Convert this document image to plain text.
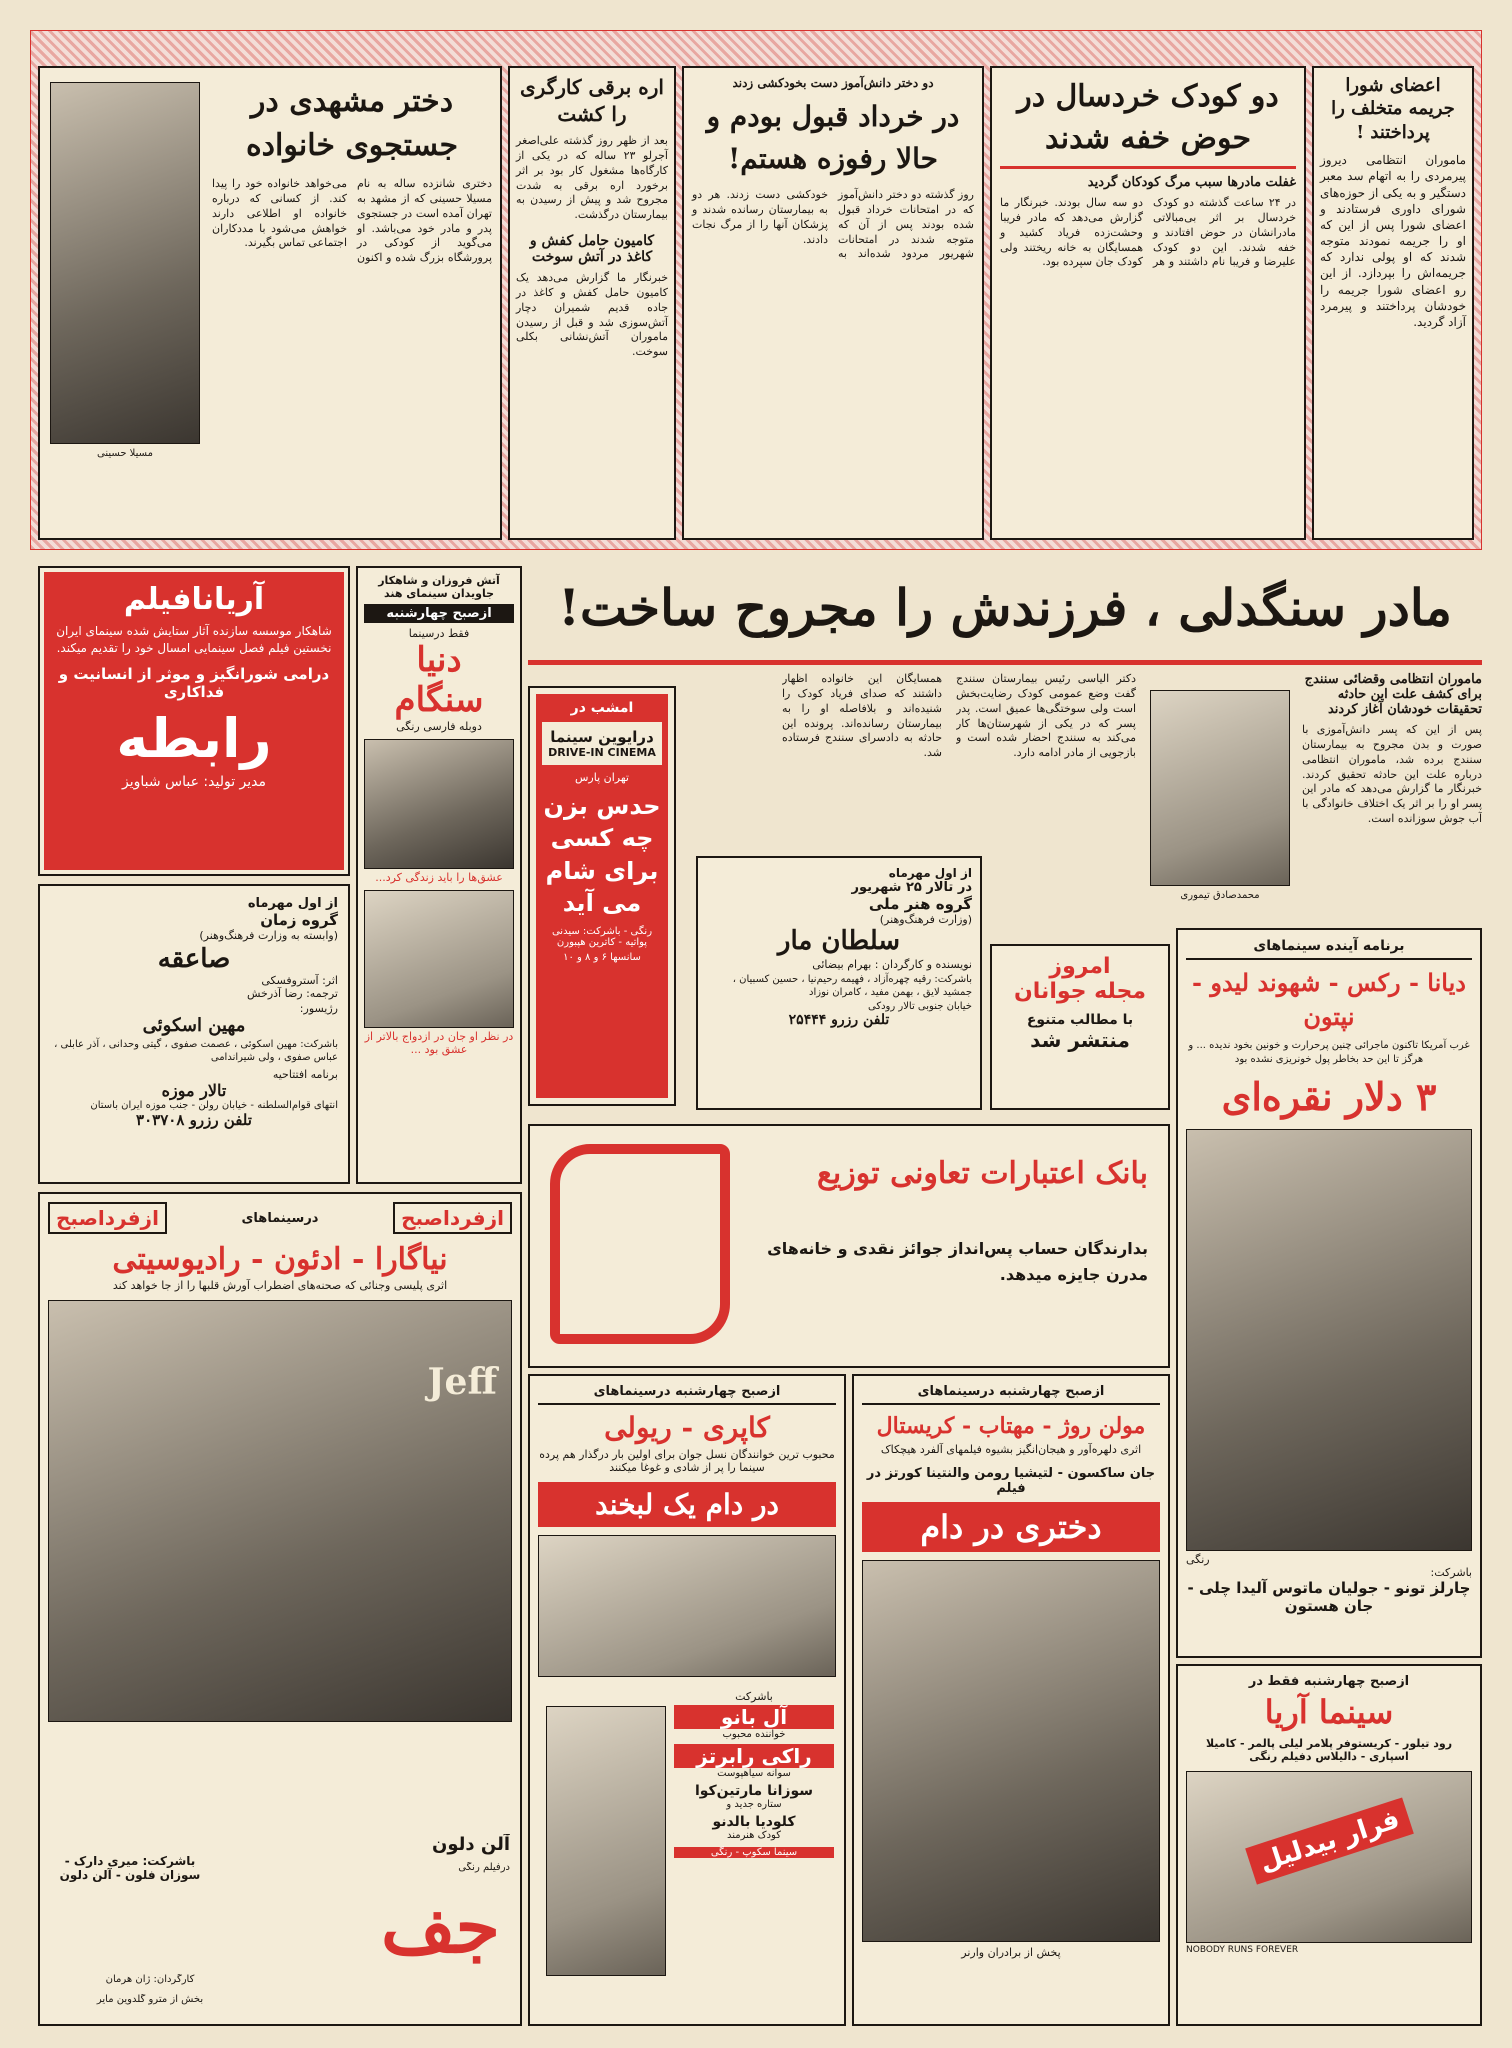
اعضای شورا جریمه متخلف را پرداختند !
ماموران انتظامی دیروز پیرمردی را به اتهام سد معبر دستگیر و به یکی از حوزه‌های شورای داوری فرستادند و اعضای شورا پس از این که او را جریمه نمودند متوجه شدند که او پولی ندارد که جریمه‌اش را بپردازد. از این رو اعضای شورا جریمه را خودشان پرداختند و پیرمرد آزاد گردید.
دو کودک خردسال در حوض خفه شدند
غفلت مادرها سبب مرگ کودکان گردید
در ۲۴ ساعت گذشته دو کودک خردسال بر اثر بی‌مبالاتی مادرانشان در حوض افتادند و خفه شدند. این دو کودک علیرضا و فریبا نام داشتند و هر دو سه سال بودند. خبرنگار ما گزارش می‌دهد که مادر فریبا وحشت‌زده فریاد کشید و همسایگان به خانه ریختند ولی کودک جان سپرده بود.
دو دختر دانش‌آموز دست بخودکشی زدند
در خرداد قبول بودم و حالا رفوزه هستم!
روز گذشته دو دختر دانش‌آموز که در امتحانات خرداد قبول شده بودند پس از آن که متوجه شدند در امتحانات شهریور مردود شده‌اند به خودکشی دست زدند. هر دو به بیمارستان رسانده شدند و پزشکان آنها را از مرگ نجات دادند.
اره برقی کارگری را کشت
بعد از ظهر روز گذشته علی‌اصغر آجرلو ۲۳ ساله که در یکی از کارگاه‌ها مشغول کار بود بر اثر برخورد اره برقی به شدت مجروح شد و پیش از رسیدن به بیمارستان درگذشت.
کامیون حامل کفش و کاغذ در آتش سوخت
خبرنگار ما گزارش می‌دهد یک کامیون حامل کفش و کاغذ در جاده قدیم شمیران دچار آتش‌سوزی شد و قبل از رسیدن ماموران آتش‌نشانی بکلی سوخت.
مسیلا حسینی
دختر مشهدی در جستجوی خانواده
دختری شانزده ساله به نام مسیلا حسینی که از مشهد به تهران آمده است در جستجوی پدر و مادر خود می‌باشد. او می‌گوید از کودکی در پرورشگاه بزرگ شده و اکنون می‌خواهد خانواده خود را پیدا کند. از کسانی که درباره خانواده او اطلاعی دارند خواهش می‌شود با مددکاران اجتماعی تماس بگیرند.
مادر سنگدلی ، فرزندش را مجروح ساخت!
ماموران انتظامی وقضائی سنندج برای کشف علت این حادثه تحقیقات خودشان آغاز کردند
پس از این که پسر دانش‌آموزی با صورت و بدن مجروح به بیمارستان سنندج برده شد، ماموران انتظامی درباره علت این حادثه تحقیق کردند. خبرنگار ما گزارش می‌دهد که مادر این پسر او را بر اثر یک اختلاف خانوادگی با آب جوش سوزانده است.
محمدصادق تیموری
دکتر الیاسی رئیس بیمارستان سنندج گفت وضع عمومی کودک رضایت‌بخش است ولی سوختگی‌ها عمیق است. پدر پسر که در یکی از شهرستان‌ها کار می‌کند به سنندج احضار شده است و بازجویی از مادر ادامه دارد.
همسایگان این خانواده اظهار داشتند که صدای فریاد کودک را شنیده‌اند و بلافاصله او را به بیمارستان رسانده‌اند. پرونده این حادثه به دادسرای سنندج فرستاده شد.
آریانافیلم
شاهکار موسسه سازنده آثار ستایش شده سینمای ایران نخستین فیلم فصل سینمایی امسال خود را تقدیم میکند.
درامی شورانگیز و موثر از انسانیت و فداکاری
رابطه
مدیر تولید: عباس شباویز
از اول مهرماه
گروه زمان
(وابسته به وزارت فرهنگ‌وهنر)
صاعقه
اثر: آستروفسکی
ترجمه: رضا آذرخش
رژیسور:
مهین اسکوئی
باشرکت: مهین اسکوئی ، عصمت صفوی ، گیتی وحدانی ، آذر عابلی ، عباس صفوی ، ولی شیراندامی
برنامه افتتاحیه
تالار موزه
انتهای قوام‌السلطنه - خیابان رولن - جنب موزه ایران باستان
تلفن رزرو ۳۰۳۷۰۸
آتش فروزان و شاهکار جاویدان سینمای هند
ازصبح چهارشنبه
فقط درسینما
دنیا
سنگام
دوبله فارسی رنگی
عشق‌ها را باید زندگی کرد...
در نظر او جان در ازدواج بالاتر از عشق بود ...
امشب در
درایوین سینما
DRIVE-IN CINEMA
تهران پارس
حدس بزن چه کسی برای شام می آید
رنگی - باشرکت: سیدنی پواتیه - کاترین هپبورن
سانسها ۶ و ۸ و ۱۰
از اول مهرماه
در تالار ۲۵ شهریور
گروه هنر ملی
(وزارت فرهنگ‌وهنر)
سلطان مار
نویسنده و کارگردان : بهرام بیضائی
باشرکت: رقیه چهره‌آزاد ، فهیمه رحیم‌نیا ، حسین کسبیان ، جمشید لایق ، بهمن مفید ، کامران نوزاد
خیابان جنوبی تالار رودکی
تلفن رزرو ۲۵۴۴۴
امروز
مجله جوانان
با مطالب متنوع
منتشر شد
بانک اعتبارات تعاونی توزیع
بدارندگان حساب پس‌انداز جوائز نقدی و خانه‌های مدرن جایزه میدهد.
برنامه آینده سینماهای
دیانا - رکس - شهوند لیدو - نپتون
غرب آمریکا تاکنون ماجرائی چنین پرحرارت و خونین بخود ندیده ... و هرگز تا این حد بخاطر پول خونریزی نشده بود
۳ دلار نقره‌ای
رنگی
باشرکت:
چارلز تونو - جولیان ماتوس آلیدا چلی - جان هستون
ازصبح چهارشنبه فقط در
سینما آریا
رود تیلور - کریستوفر پلامر لیلی پالمر - کامیلا اسپاری - دالیلاس دفیلم رنگی
فرار بیدلیل
NOBODY RUNS FOREVER
ازصبح چهارشنبه درسینماهای
مولن روژ - مهتاب - کریستال
اثری دلهره‌آور و هیجان‌انگیز بشیوه فیلمهای آلفرد هیچکاک
جان ساکسون - لتیشیا رومن والنتینا کورتز در فیلم
دختری در دام
پخش از برادران وارنر
ازصبح چهارشنبه درسینماهای
کاپری - ریولی
محبوب ترین خوانندگان نسل جوان برای اولین بار درگذار هم پرده سینما را پر از شادی و غوغا میکنند
در دام یک لبخند
باشرکت
آل بانو
خواننده محبوب
راکی رابرتز
سوانه سیاهپوست
سوزانا مارتین‌کوا
ستاره جدید و
کلودیا بالدنو
کودک هنرمند
سینما سکوپ - رنگی
ازفرداصبح
درسینماهای
ازفرداصبح
نیاگارا - ادئون - رادیوسیتی
اثری پلیسی وجنائی که صحنه‌های اضطراب آورش قلبها را از جا خواهد کند
Jeff
آلن دلون
درفیلم رنگی
جف
باشرکت: میری دارک - سوزان فلون - آلن دلون
کارگردان: ژان هرمان
بخش از مترو گلدوین مایر
